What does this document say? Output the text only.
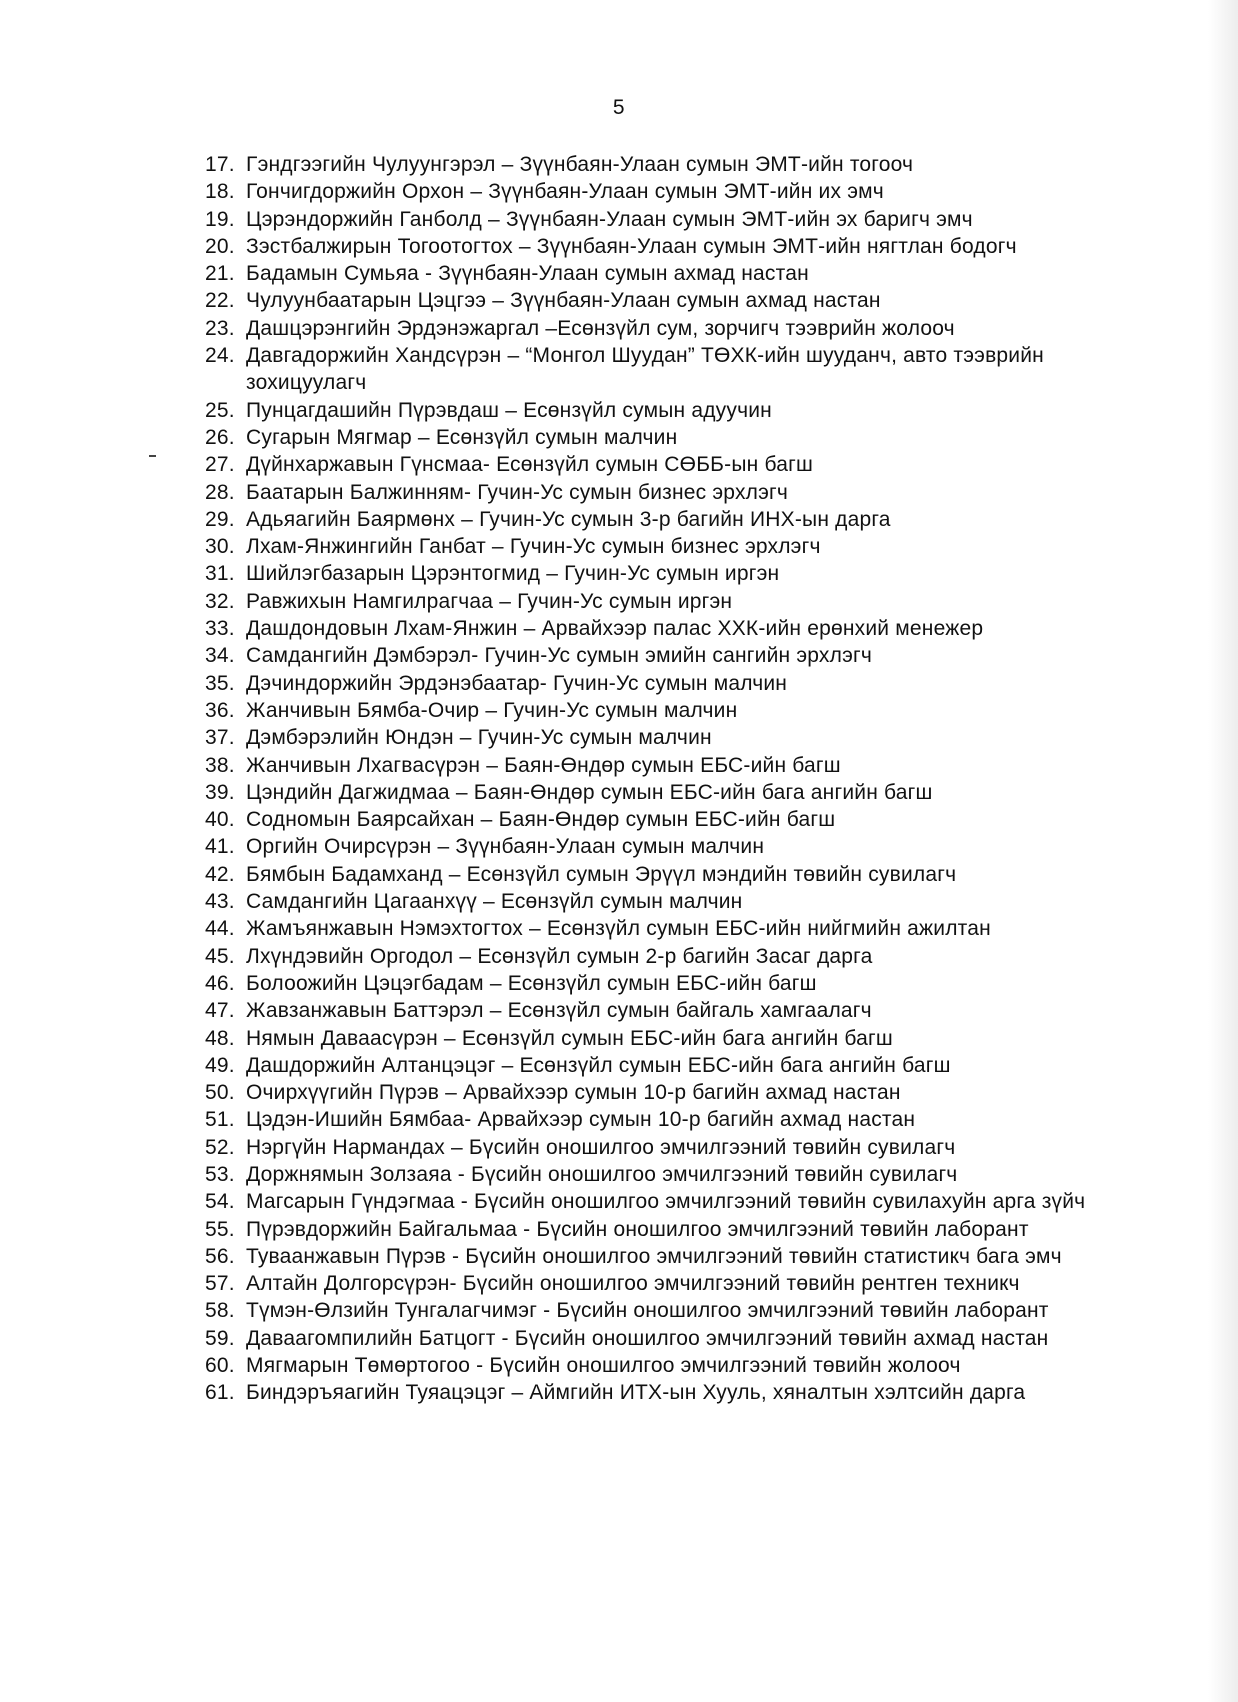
5
17. Гэндгээгийн Чулуунгэрэл – Зүүнбаян-Улаан сумын ЭМТ-ийн тогооч
18. Гончигдоржийн Орхон – Зүүнбаян-Улаан сумын ЭМТ-ийн их эмч
19. Цэрэндоржийн Ганболд – Зүүнбаян-Улаан сумын ЭМТ-ийн эх баригч эмч
20. Зэстбалжирын Тогоотогтох – Зүүнбаян-Улаан сумын ЭМТ-ийн нягтлан бодогч
21. Бадамын Сумьяа - Зүүнбаян-Улаан сумын ахмад настан
22. Чулуунбаатарын Цэцгээ – Зүүнбаян-Улаан сумын ахмад настан
23. Дашцэрэнгийн Эрдэнэжаргал –Есөнзүйл сум, зорчигч тээврийн жолооч
24. Давгадоржийн Хандсүрэн – “Монгол Шуудан” ТӨХК-ийн шууданч, авто тээврийн зохицуулагч
25. Пунцагдашийн Пүрэвдаш – Есөнзүйл сумын адуучин
26. Сугарын Мягмар – Есөнзүйл сумын малчин
27. Дүйнхаржавын Гүнсмаа- Есөнзүйл сумын СӨББ-ын багш
28. Баатарын Балжинням- Гучин-Ус сумын бизнес эрхлэгч
29. Адьяагийн Баярмөнх – Гучин-Ус сумын 3-р багийн ИНХ-ын дарга
30. Лхам-Янжингийн Ганбат – Гучин-Ус сумын бизнес эрхлэгч
31. Шийлэгбазарын Цэрэнтогмид – Гучин-Ус сумын иргэн
32. Равжихын Намгилрагчаа – Гучин-Ус сумын иргэн
33. Дашдондовын Лхам-Янжин – Арвайхээр палас ХХК-ийн ерөнхий менежер
34. Самдангийн Дэмбэрэл- Гучин-Ус сумын эмийн сангийн эрхлэгч
35. Дэчиндоржийн Эрдэнэбаатар- Гучин-Ус сумын малчин
36. Жанчивын Бямба-Очир – Гучин-Ус сумын малчин
37. Дэмбэрэлийн Юндэн – Гучин-Ус сумын малчин
38. Жанчивын Лхагвасүрэн – Баян-Өндөр сумын ЕБС-ийн багш
39. Цэндийн Дагжидмаа – Баян-Өндөр сумын ЕБС-ийн бага ангийн багш
40. Содномын Баярсайхан – Баян-Өндөр сумын ЕБС-ийн багш
41. Оргийн Очирсүрэн – Зүүнбаян-Улаан сумын малчин
42. Бямбын Бадамханд – Есөнзүйл сумын Эрүүл мэндийн төвийн сувилагч
43. Самдангийн Цагаанхүү – Есөнзүйл сумын малчин
44. Жамъянжавын Нэмэхтогтох – Есөнзүйл сумын ЕБС-ийн нийгмийн ажилтан
45. Лхүндэвийн Оргодол – Есөнзүйл сумын 2-р багийн Засаг дарга
46. Болоожийн Цэцэгбадам – Есөнзүйл сумын ЕБС-ийн багш
47. Жавзанжавын Баттэрэл – Есөнзүйл сумын байгаль хамгаалагч
48. Нямын Даваасүрэн – Есөнзүйл сумын ЕБС-ийн бага ангийн багш
49. Дашдоржийн Алтанцэцэг – Есөнзүйл сумын ЕБС-ийн бага ангийн багш
50. Очирхүүгийн Пүрэв – Арвайхээр сумын 10-р багийн ахмад настан
51. Цэдэн-Ишийн Бямбаа- Арвайхээр сумын 10-р багийн ахмад настан
52. Нэргүйн Нармандах – Бүсийн оношилгоо эмчилгээний төвийн сувилагч
53. Доржнямын Золзаяа - Бүсийн оношилгоо эмчилгээний төвийн сувилагч
54. Магсарын Гүндэгмаа - Бүсийн оношилгоо эмчилгээний төвийн сувилахуйн арга зүйч
55. Пүрэвдоржийн Байгальмаа - Бүсийн оношилгоо эмчилгээний төвийн лаборант
56. Туваанжавын Пүрэв - Бүсийн оношилгоо эмчилгээний төвийн статистикч бага эмч
57. Алтайн Долгорсүрэн- Бүсийн оношилгоо эмчилгээний төвийн рентген техникч
58. Түмэн-Өлзийн Тунгалагчимэг - Бүсийн оношилгоо эмчилгээний төвийн лаборант
59. Даваагомпилийн Батцогт - Бүсийн оношилгоо эмчилгээний төвийн ахмад настан
60. Мягмарын Төмөртогоо - Бүсийн оношилгоо эмчилгээний төвийн жолооч
61. Биндэръяагийн Туяацэцэг – Аймгийн ИТХ-ын Хууль, хяналтын хэлтсийн дарга
